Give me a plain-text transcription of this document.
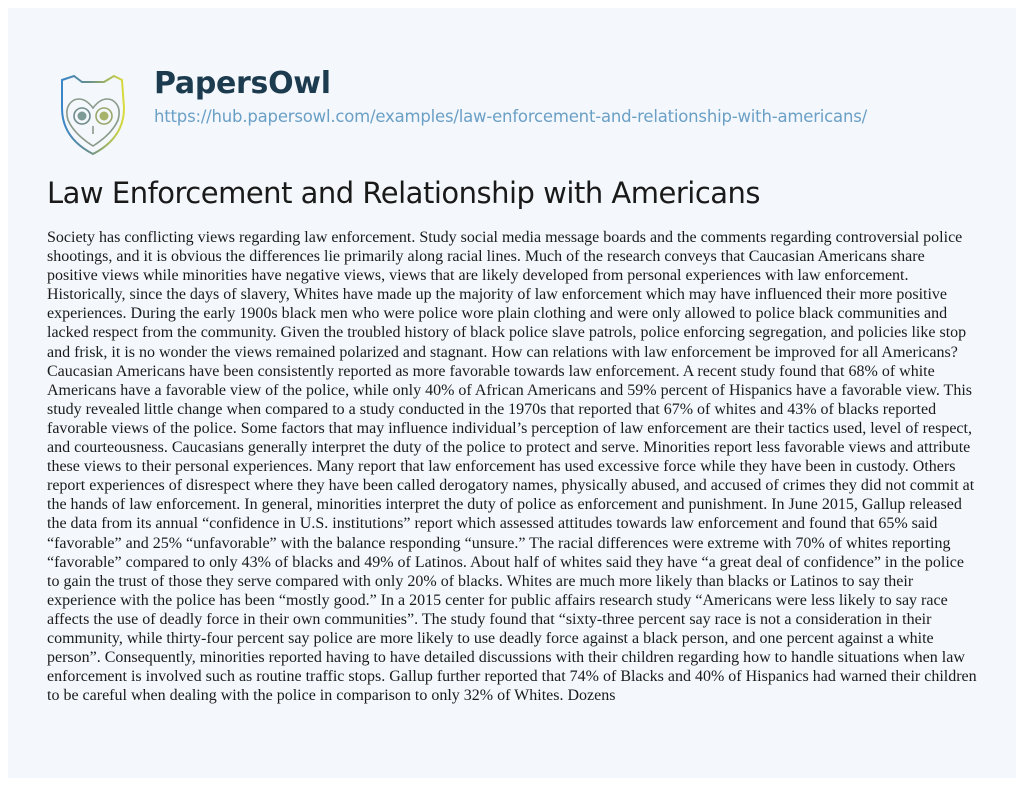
PapersOwl
https://hub.papersowl.com/examples/law-enforcement-and-relationship-with-americans/
Law Enforcement and Relationship with Americans

Society has conflicting views regarding law enforcement. Study social media message boards and the comments regarding controversial police
shootings, and it is obvious the differences lie primarily along racial lines. Much of the research conveys that Caucasian Americans share
positive views while minorities have negative views, views that are likely developed from personal experiences with law enforcement.
Historically, since the days of slavery, Whites have made up the majority of law enforcement which may have influenced their more positive
experiences. During the early 1900s black men who were police wore plain clothing and were only allowed to police black communities and
lacked respect from the community. Given the troubled history of black police slave patrols, police enforcing segregation, and policies like stop
and frisk, it is no wonder the views remained polarized and stagnant. How can relations with law enforcement be improved for all Americans?
Caucasian Americans have been consistently reported as more favorable towards law enforcement. A recent study found that 68% of white
Americans have a favorable view of the police, while only 40% of African Americans and 59% percent of Hispanics have a favorable view. This
study revealed little change when compared to a study conducted in the 1970s that reported that 67% of whites and 43% of blacks reported
favorable views of the police. Some factors that may influence individual’s perception of law enforcement are their tactics used, level of respect,
and courteousness. Caucasians generally interpret the duty of the police to protect and serve. Minorities report less favorable views and attribute
these views to their personal experiences. Many report that law enforcement has used excessive force while they have been in custody. Others
report experiences of disrespect where they have been called derogatory names, physically abused, and accused of crimes they did not commit at
the hands of law enforcement. In general, minorities interpret the duty of police as enforcement and punishment. In June 2015, Gallup released
the data from its annual “confidence in U.S. institutions” report which assessed attitudes towards law enforcement and found that 65% said
“favorable” and 25% “unfavorable” with the balance responding “unsure.” The racial differences were extreme with 70% of whites reporting
“favorable” compared to only 43% of blacks and 49% of Latinos. About half of whites said they have “a great deal of confidence” in the police
to gain the trust of those they serve compared with only 20% of blacks. Whites are much more likely than blacks or Latinos to say their
experience with the police has been “mostly good.” In a 2015 center for public affairs research study “Americans were less likely to say race
affects the use of deadly force in their own communities”. The study found that “sixty-three percent say race is not a consideration in their
community, while thirty-four percent say police are more likely to use deadly force against a black person, and one percent against a white
person”. Consequently, minorities reported having to have detailed discussions with their children regarding how to handle situations when law
enforcement is involved such as routine traffic stops. Gallup further reported that 74% of Blacks and 40% of Hispanics had warned their children
to be careful when dealing with the police in comparison to only 32% of Whites. Dozens
